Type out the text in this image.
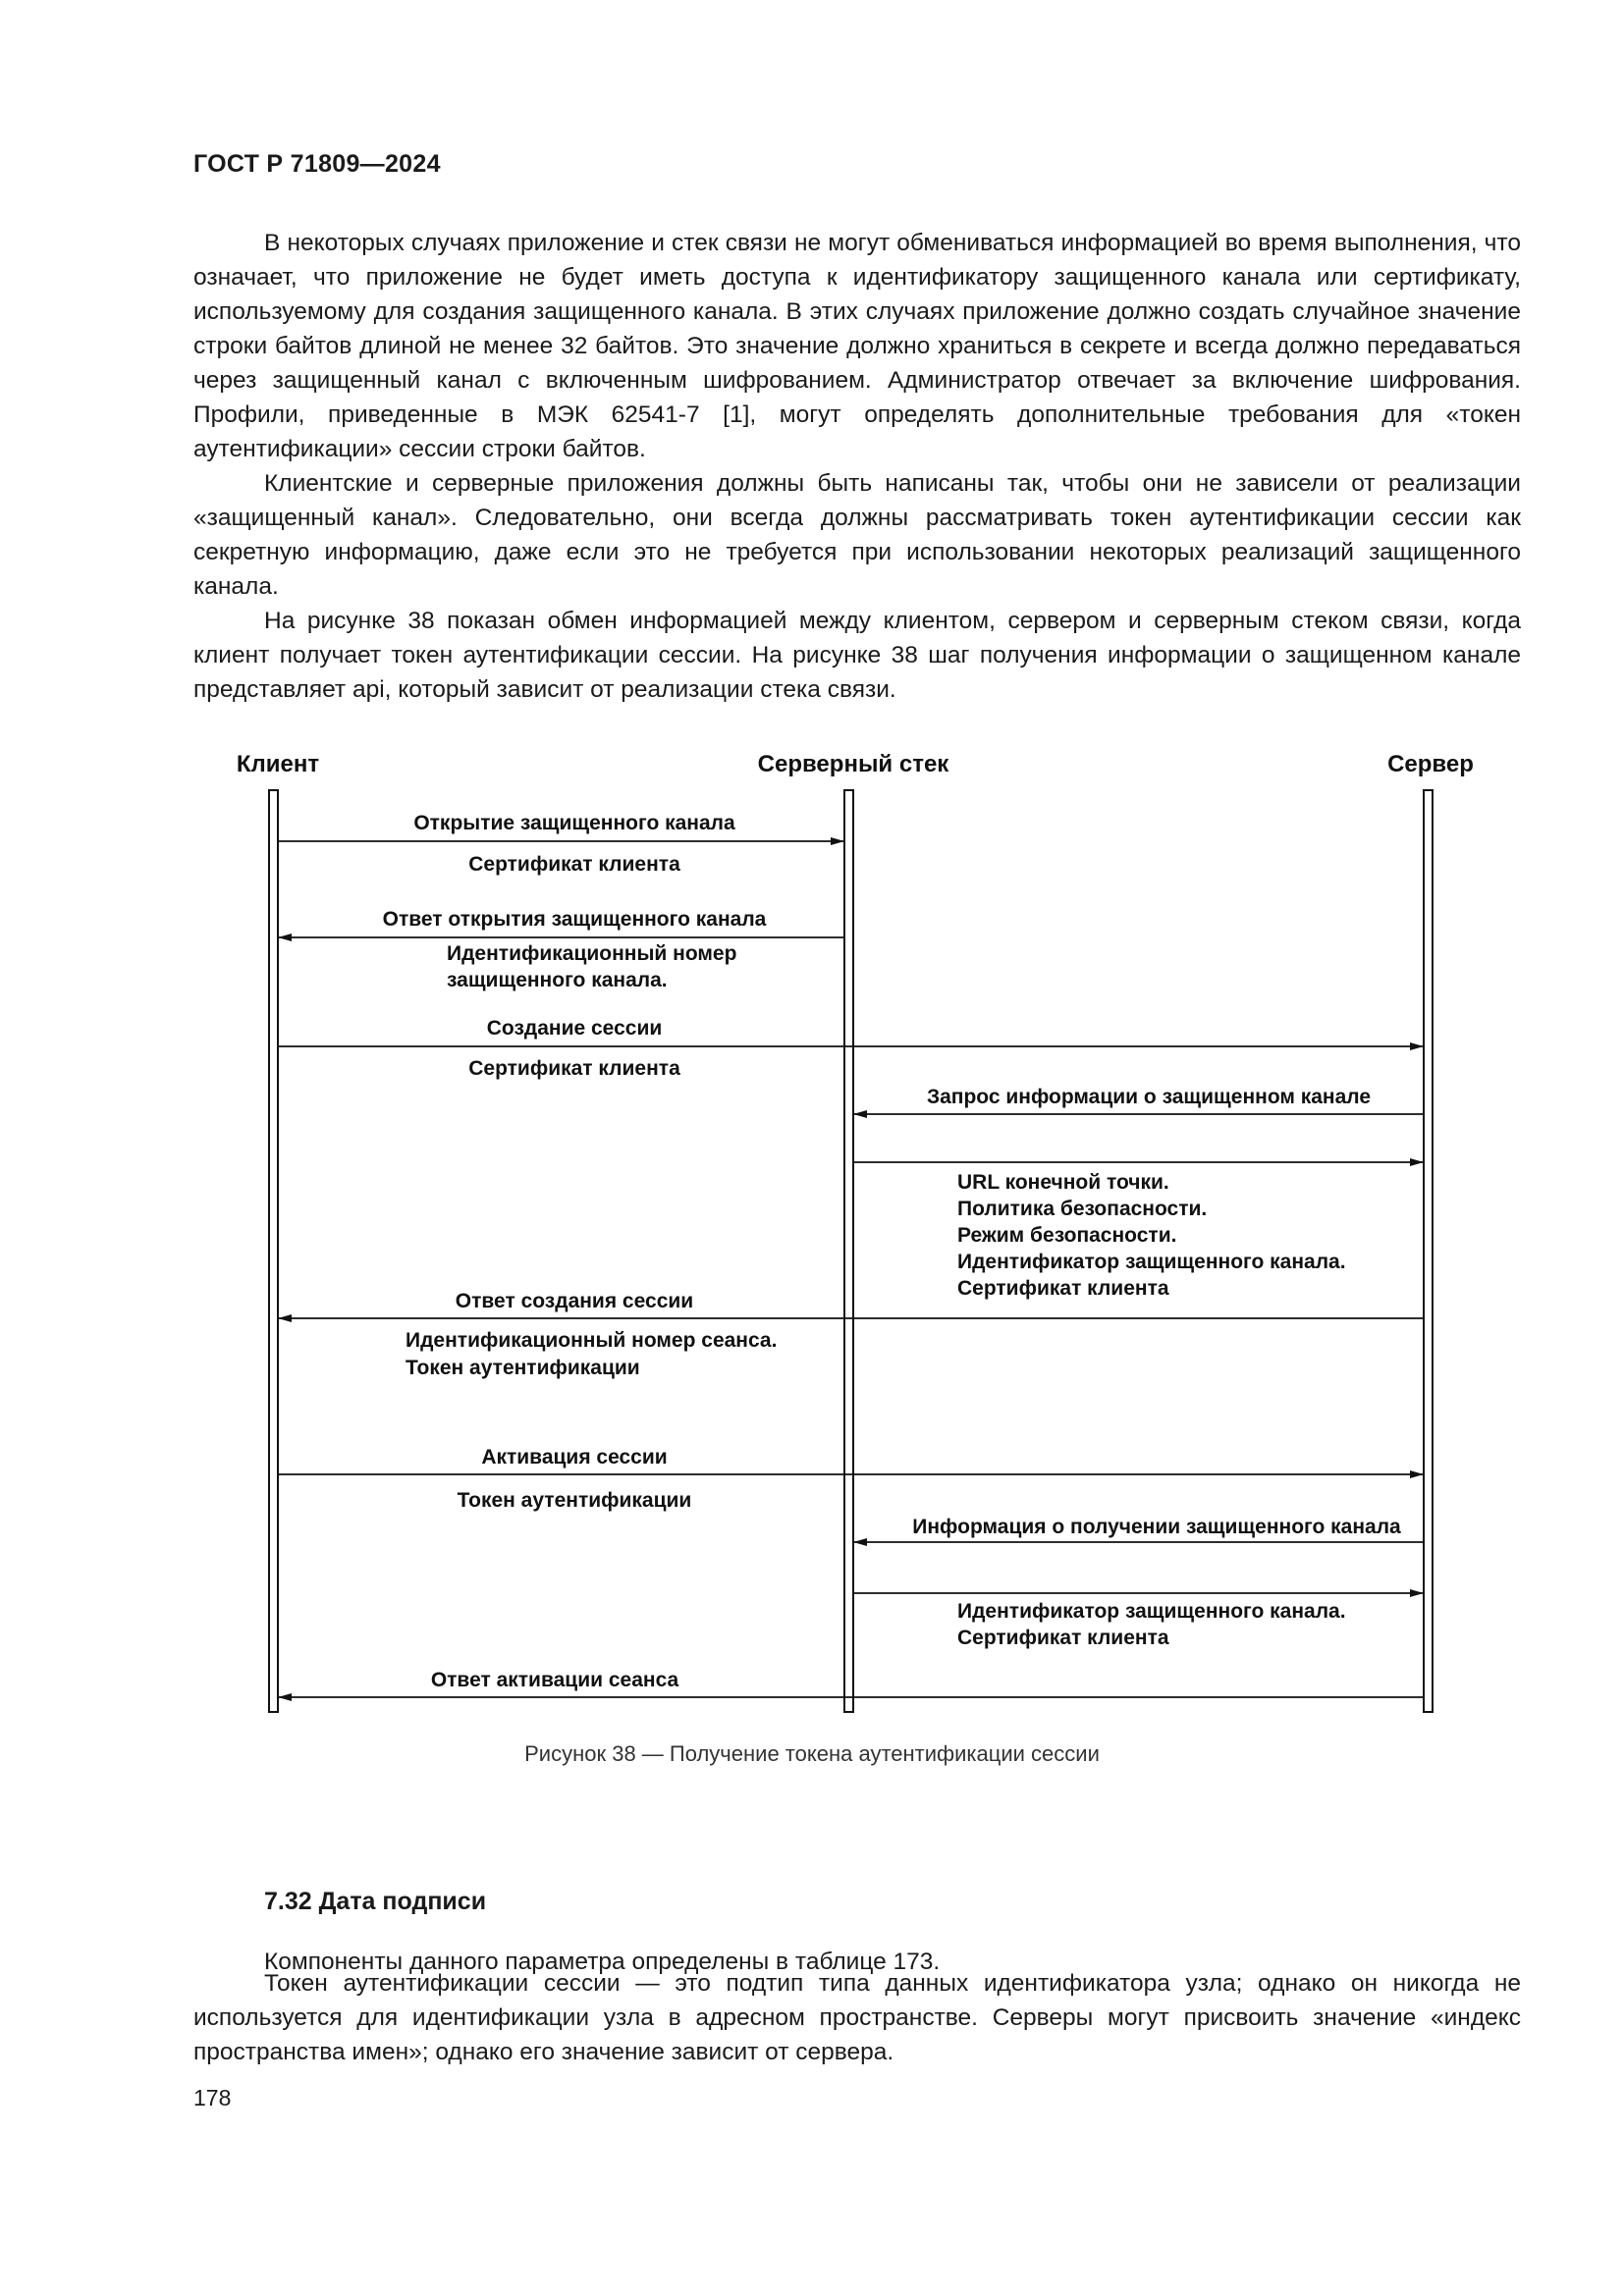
ГОСТ Р 71809—2024

В некоторых случаях приложение и стек связи не могут обмениваться информацией во время выполнения, что означает, что приложение не будет иметь доступа к идентификатору защищенного канала или сертификату, используемому для создания защищенного канала. В этих случаях приложение должно создать случайное значение строки байтов длиной не менее 32 байтов. Это значение должно храниться в секрете и всегда должно передаваться через защищенный канал с включенным шифрованием. Администратор отвечает за включение шифрования. Профили, приведенные в МЭК 62541-7 [1], могут определять дополнительные требования для «токен аутентификации» сессии строки байтов.

Клиентские и серверные приложения должны быть написаны так, чтобы они не зависели от реализации «защищенный канал». Следовательно, они всегда должны рассматривать токен аутентификации сессии как секретную информацию, даже если это не требуется при использовании некоторых реализаций защищенного канала.

На рисунке 38 показан обмен информацией между клиентом, сервером и серверным стеком связи, когда клиент получает токен аутентификации сессии. На рисунке 38 шаг получения информации о защищенном канале представляет api, который зависит от реализации стека связи.

Клиент	Серверный стек	Сервер
Открытие защищенного канала
Сертификат клиента
Ответ открытия защищенного канала
Идентификационный номер
защищенного канала.
Создание сессии
Сертификат клиента
Запрос информации о защищенном канале
URL конечной точки.
Политика безопасности.
Режим безопасности.
Идентификатор защищенного канала.
Сертификат клиента
Ответ создания сессии
Идентификационный номер сеанса.
Токен аутентификации
Активация сессии
Токен аутентификации
Информация о получении защищенного канала
Идентификатор защищенного канала.
Сертификат клиента
Ответ активации сеанса
Рисунок 38 — Получение токена аутентификации сессии

Токен аутентификации сессии — это подтип типа данных идентификатора узла; однако он никогда не используется для идентификации узла в адресном пространстве. Серверы могут присвоить значение «индекс пространства имен»; однако его значение зависит от сервера.

7.32 Дата подписи
Компоненты данного параметра определены в таблице 173.
178
